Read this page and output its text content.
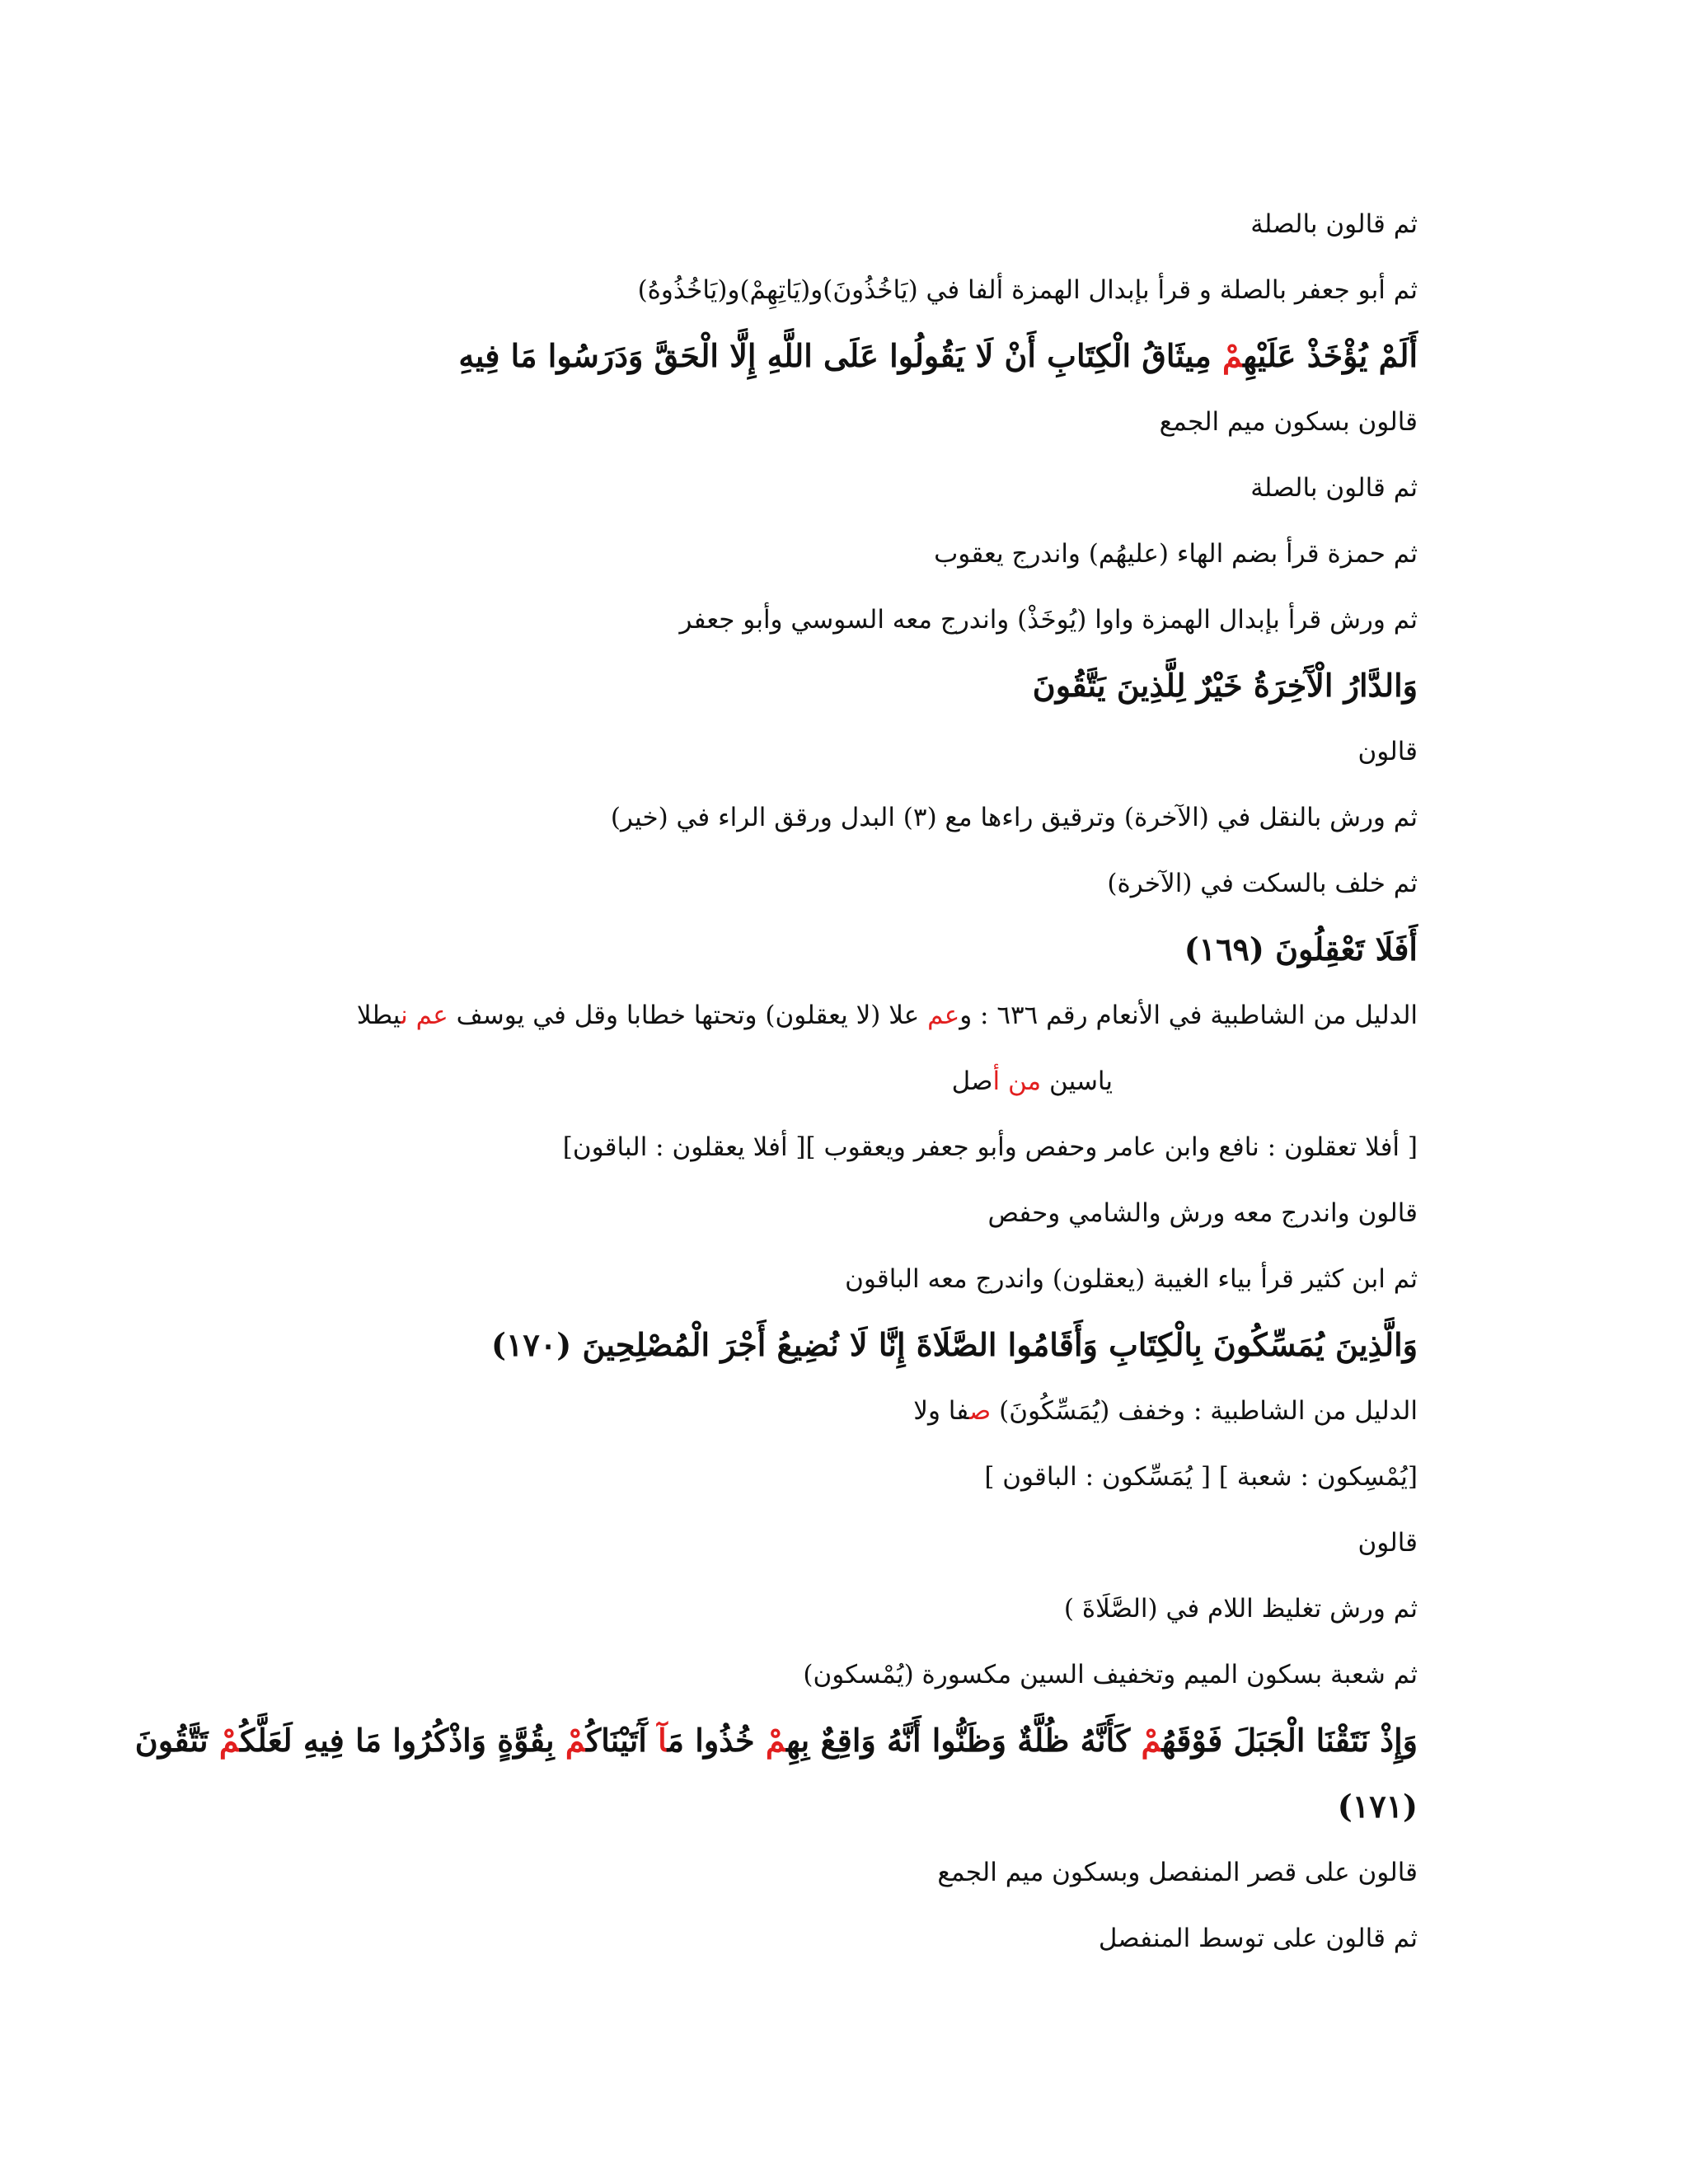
ثم قالون بالصلة
ثم أبو جعفر بالصلة و قرأ بإبدال الهمزة ألفا في (يَاخُذُونَ)و(يَاتِهِمْ)و(يَاخُذُوهُ)
أَلَمْ يُؤْخَذْ عَلَيْهِمْ مِيثَاقُ الْكِتَابِ أَنْ لَا يَقُولُوا عَلَى اللَّهِ إِلَّا الْحَقَّ وَدَرَسُوا مَا فِيهِ
قالون بسكون ميم الجمع
ثم قالون بالصلة
ثم حمزة قرأ بضم الهاء (عليهُم) واندرج يعقوب
ثم ورش قرأ بإبدال الهمزة واوا (يُوخَذْ) واندرج معه السوسي وأبو جعفر
وَالدَّارُ الْآَخِرَةُ خَيْرٌ لِلَّذِينَ يَتَّقُونَ
قالون
ثم ورش بالنقل في (الآخرة) وترقيق راءها مع (٣) البدل ورقق الراء في (خير)
ثم خلف بالسكت في (الآخرة)
أَفَلَا تَعْقِلُونَ (١٦٩)
الدليل من الشاطبية في الأنعام رقم ٦٣٦ : وعم علا (لا يعقلون) وتحتها خطابا وقل في يوسف عم نيطلا
ياسين من أصل
[ أفلا تعقلون : نافع وابن عامر وحفص وأبو جعفر ويعقوب ][ أفلا يعقلون : الباقون]
قالون واندرج معه ورش والشامي وحفص
ثم ابن كثير قرأ بياء الغيبة (يعقلون) واندرج معه الباقون
وَالَّذِينَ يُمَسِّكُونَ بِالْكِتَابِ وَأَقَامُوا الصَّلَاةَ إِنَّا لَا نُضِيعُ أَجْرَ الْمُصْلِحِينَ (١٧٠)
الدليل من الشاطبية : وخفف (يُمَسِّكُونَ) صفا ولا
[يُمْسِكون : شعبة ] [ يُمَسِّكون : الباقون ]
قالون
ثم ورش تغليظ اللام في (الصَّلَاةَ )
ثم شعبة بسكون الميم وتخفيف السين مكسورة (يُمْسكون)
وَإِذْ نَتَقْنَا الْجَبَلَ فَوْقَهُمْ كَأَنَّهُ ظُلَّةٌ وَظَنُّوا أَنَّهُ وَاقِعٌ بِهِمْ خُذُوا مَآ آَتَيْنَاكُمْ بِقُوَّةٍ وَاذْكُرُوا مَا فِيهِ لَعَلَّكُمْ تَتَّقُونَ
(١٧١)
قالون على قصر المنفصل وبسكون ميم الجمع
ثم قالون على توسط المنفصل
